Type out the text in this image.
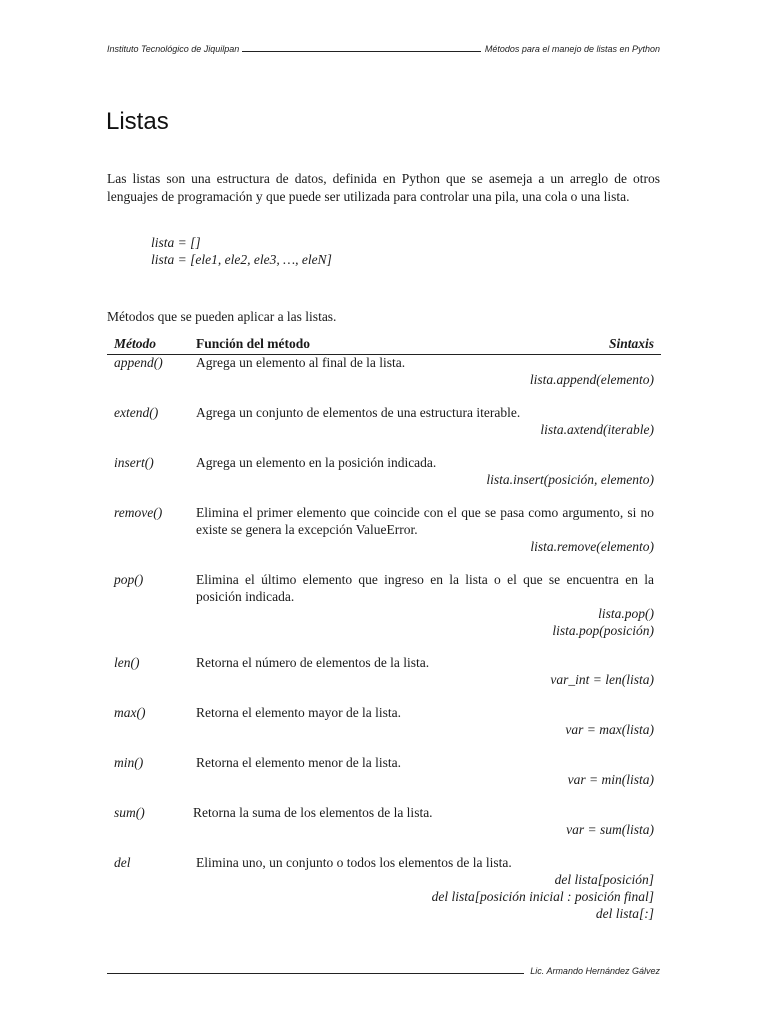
Instituto Tecnológico de Jiquilpan	Métodos para el manejo de listas en Python
Listas

Las listas son una estructura de datos, definida en Python que se asemeja a un arreglo de otros lenguajes de programación y que puede ser utilizada para controlar una pila, una cola o una lista.

lista = []
lista = [ele1, ele2, ele3, …, eleN]
Métodos que se pueden aplicar a las listas.
Método	Función del método	Sintaxis
append() Agrega un elemento al final de la lista.
lista.append(elemento)
extend()	Agrega un conjunto de elementos de una estructura iterable.
lista.axtend(iterable)
insert()	Agrega un elemento en la posición indicada.
lista.insert(posición, elemento)
remove()	Elimina el primer elemento que coincide con el que se pasa como argumento, si no existe se genera la excepción ValueError.
lista.remove(elemento)
pop()	Elimina el último elemento que ingreso en la lista o el que se encuentra en la posición indicada.
lista.pop()
lista.pop(posición)
len()	Retorna el número de elementos de la lista.
var_int = len(lista)
max()	Retorna el elemento mayor de la lista.
var = max(lista)
min()	Retorna el elemento menor de la lista.
var = min(lista)
sum()	Retorna la suma de los elementos de la lista.
var = sum(lista)
del	Elimina uno, un conjunto o todos los elementos de la lista.
del lista[posición]
del lista[posición inicial : posición final]
del lista[:]
Lic. Armando Hernández Gálvez
